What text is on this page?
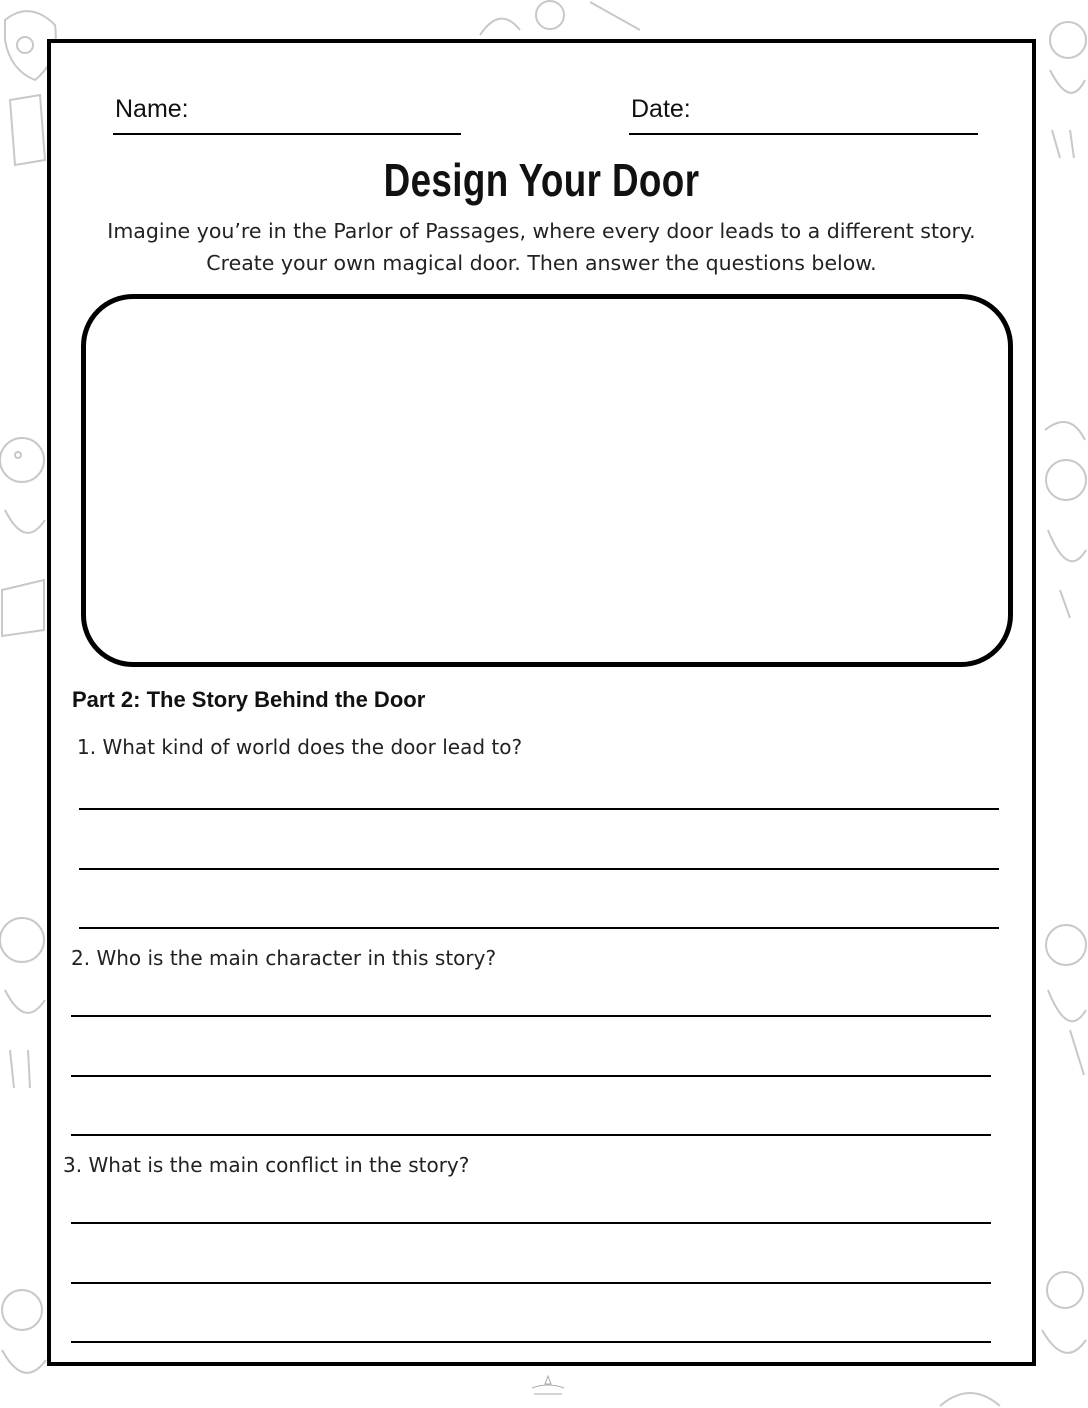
Name:	Date:
Design Your Door
Imagine you’re in the Parlor of Passages, where every door leads to a different story.
Create your own magical door. Then answer the questions below.
Part 2: The Story Behind the Door
1. What kind of world does the door lead to?
2. Who is the main character in this story?
3. What is the main conflict in the story?
